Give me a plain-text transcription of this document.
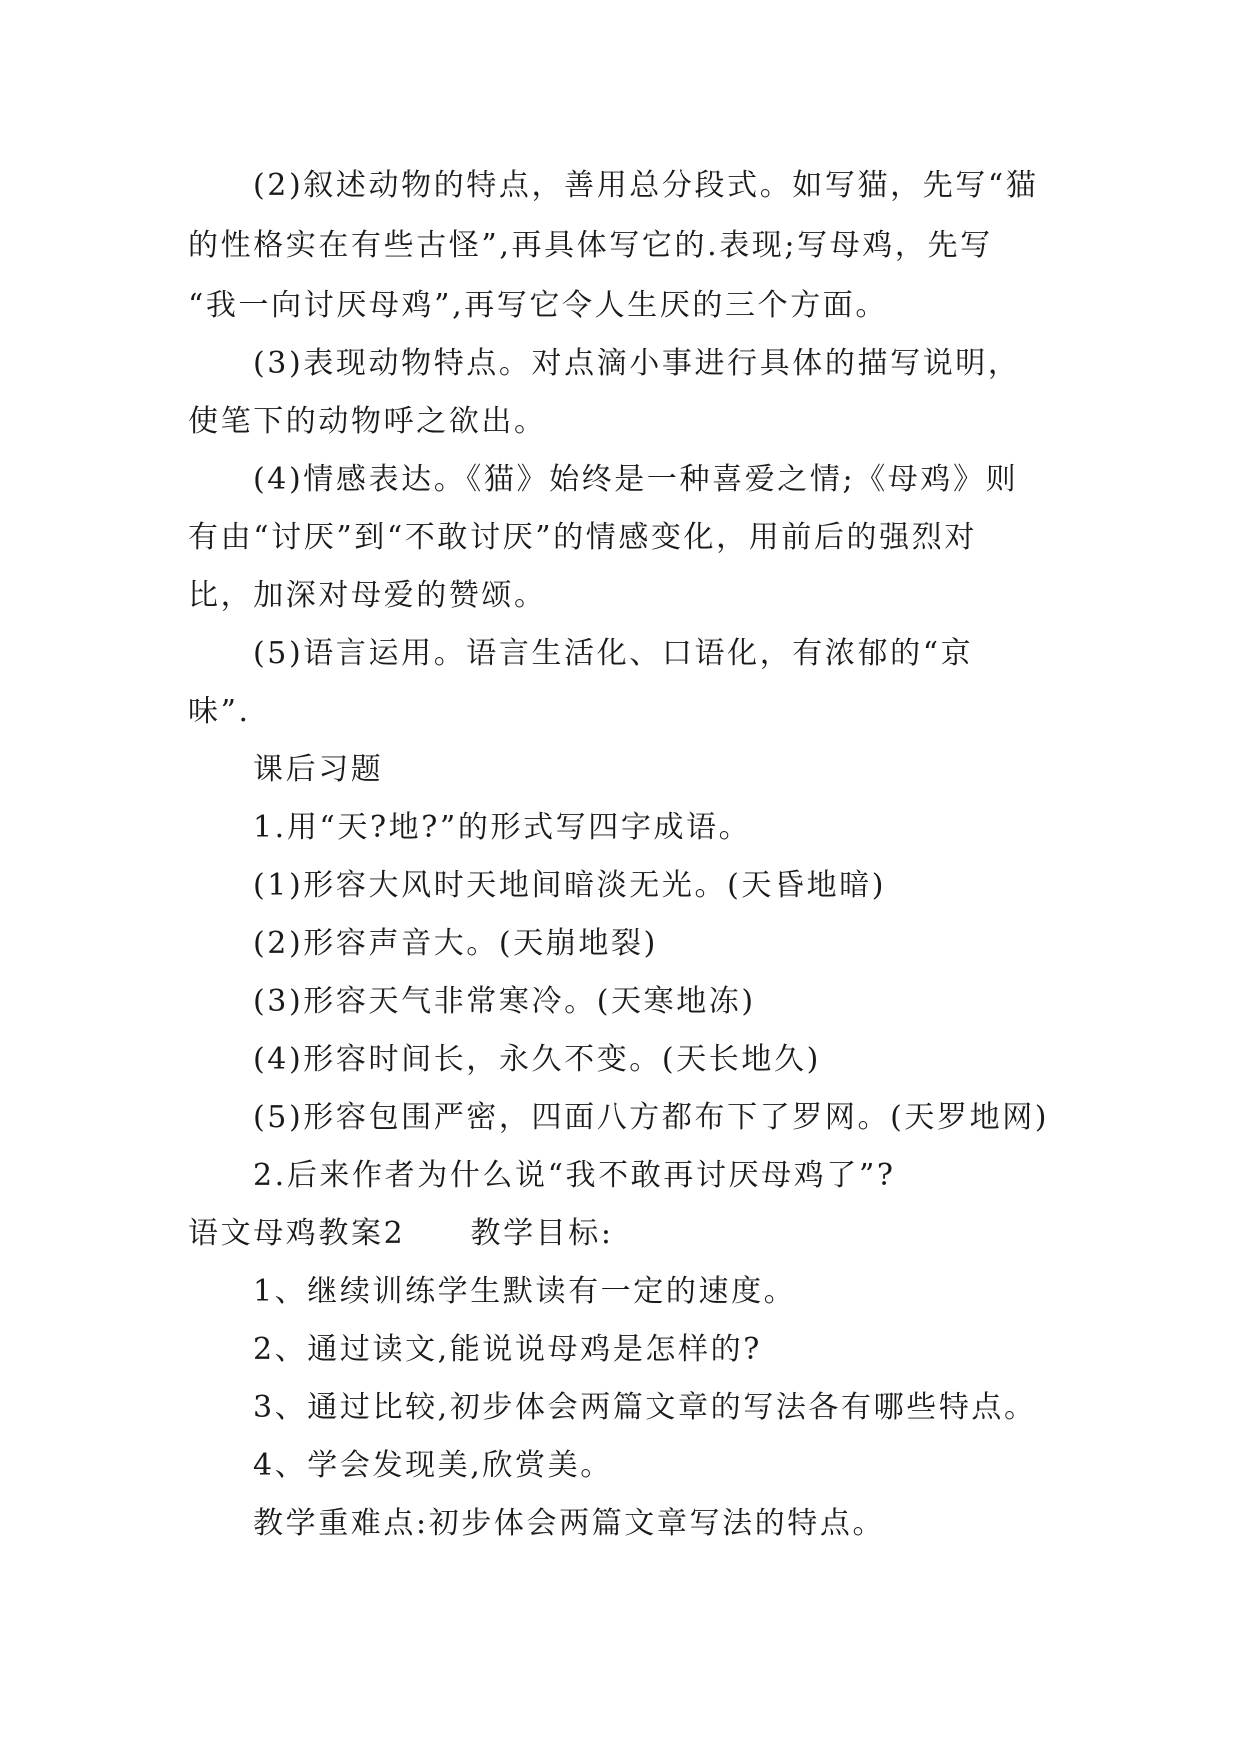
(2)叙述动物的特点，善用总分段式。如写猫，先写“猫
的性格实在有些古怪”,再具体写它的.表现;写母鸡，先写
“我一向讨厌母鸡”,再写它令人生厌的三个方面。
(3)表现动物特点。对点滴小事进行具体的描写说明，
使笔下的动物呼之欲出。
(4)情感表达。《猫》始终是一种喜爱之情;《母鸡》则
有由“讨厌”到“不敢讨厌”的情感变化，用前后的强烈对
比，加深对母爱的赞颂。
(5)语言运用。语言生活化、口语化，有浓郁的“京
味”.
课后习题
1.用“天?地?”的形式写四字成语。
(1)形容大风时天地间暗淡无光。(天昏地暗)
(2)形容声音大。(天崩地裂)
(3)形容天气非常寒冷。(天寒地冻)
(4)形容时间长，永久不变。(天长地久)
(5)形容包围严密，四面八方都布下了罗网。(天罗地网)
2.后来作者为什么说“我不敢再讨厌母鸡了”?
语文母鸡教案2　　教学目标:
1、继续训练学生默读有一定的速度。
2、通过读文,能说说母鸡是怎样的?
3、通过比较,初步体会两篇文章的写法各有哪些特点。
4、学会发现美,欣赏美。
教学重难点:初步体会两篇文章写法的特点。
